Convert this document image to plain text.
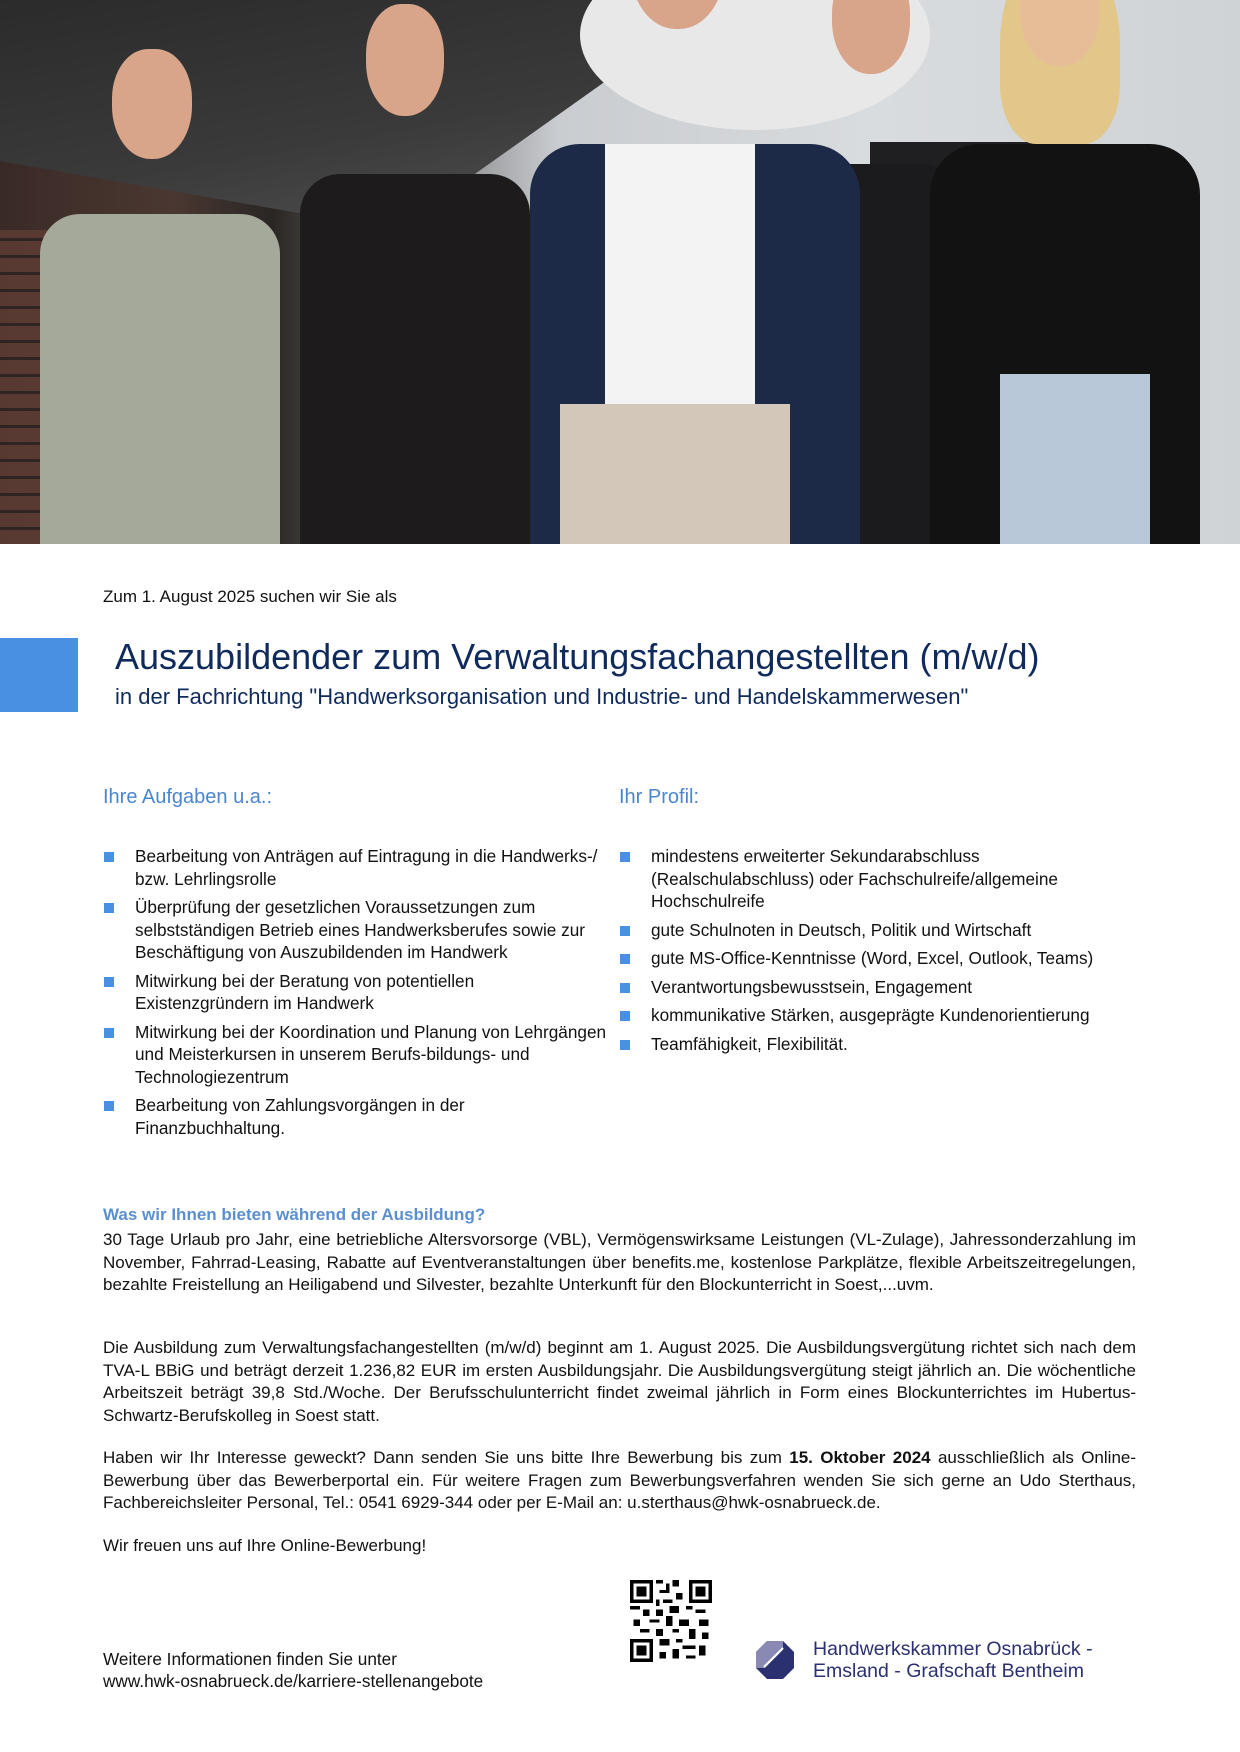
Zum 1. August 2025 suchen wir Sie als
Auszubildender zum Verwaltungsfachangestellten (m/w/d)
in der Fachrichtung "Handwerksorganisation und Industrie- und Handelskammerwesen"
Ihre Aufgaben u.a.:
Bearbeitung von Anträgen auf Eintragung in die Handwerks-/ bzw. Lehrlingsrolle
Überprüfung der gesetzlichen Voraussetzungen zum selbstständigen Betrieb eines Handwerksberufes sowie zur Beschäftigung von Auszubildenden im Handwerk
Mitwirkung bei der Beratung von potentiellen Existenzgründern im Handwerk
Mitwirkung bei der Koordination und Planung von Lehrgängen und Meisterkursen in unserem Berufs-bildungs- und Technologiezentrum
Bearbeitung von Zahlungsvorgängen in der Finanzbuchhaltung.
Ihr Profil:
mindestens erweiterter Sekundarabschluss (Realschulabschluss) oder Fachschulreife/allgemeine Hochschulreife
gute Schulnoten in Deutsch, Politik und Wirtschaft
gute MS-Office-Kenntnisse (Word, Excel, Outlook, Teams)
Verantwortungsbewusstsein, Engagement
kommunikative Stärken, ausgeprägte Kundenorientierung
Teamfähigkeit, Flexibilität.
Was wir Ihnen bieten während der Ausbildung?

30 Tage Urlaub pro Jahr, eine betriebliche Altersvorsorge (VBL), Vermögenswirksame Leistungen (VL-Zulage), Jahressonderzahlung im November, Fahrrad-Leasing, Rabatte auf Eventveranstaltungen über benefits.me, kostenlose Parkplätze, flexible Arbeitszeitregelungen, bezahlte Freistellung an Heiligabend und Silvester, bezahlte Unterkunft für den Blockunterricht in Soest,...uvm.

Die Ausbildung zum Verwaltungsfachangestellten (m/w/d) beginnt am 1. August 2025. Die Ausbildungsvergütung richtet sich nach dem TVA-L BBiG und beträgt derzeit 1.236,82 EUR im ersten Ausbildungsjahr. Die Ausbildungsvergütung steigt jährlich an. Die wöchentliche Arbeitszeit beträgt 39,8 Std./Woche. Der Berufsschulunterricht findet zweimal jährlich in Form eines Blockunterrichtes im Hubertus-Schwartz-Berufskolleg in Soest statt.

Haben wir Ihr Interesse geweckt? Dann senden Sie uns bitte Ihre Bewerbung bis zum 15. Oktober 2024 ausschließlich als Online-Bewerbung über das Bewerberportal ein. Für weitere Fragen zum Bewerbungsverfahren wenden Sie sich gerne an Udo Sterthaus, Fachbereichsleiter Personal, Tel.: 0541 6929-344 oder per E-Mail an: u.sterthaus@hwk-osnabrueck.de.

Wir freuen uns auf Ihre Online-Bewerbung!
Handwerkskammer Osnabrück -
Emsland - Grafschaft Bentheim
Weitere Informationen finden Sie unter
www.hwk-osnabrueck.de/karriere-stellenangebote
